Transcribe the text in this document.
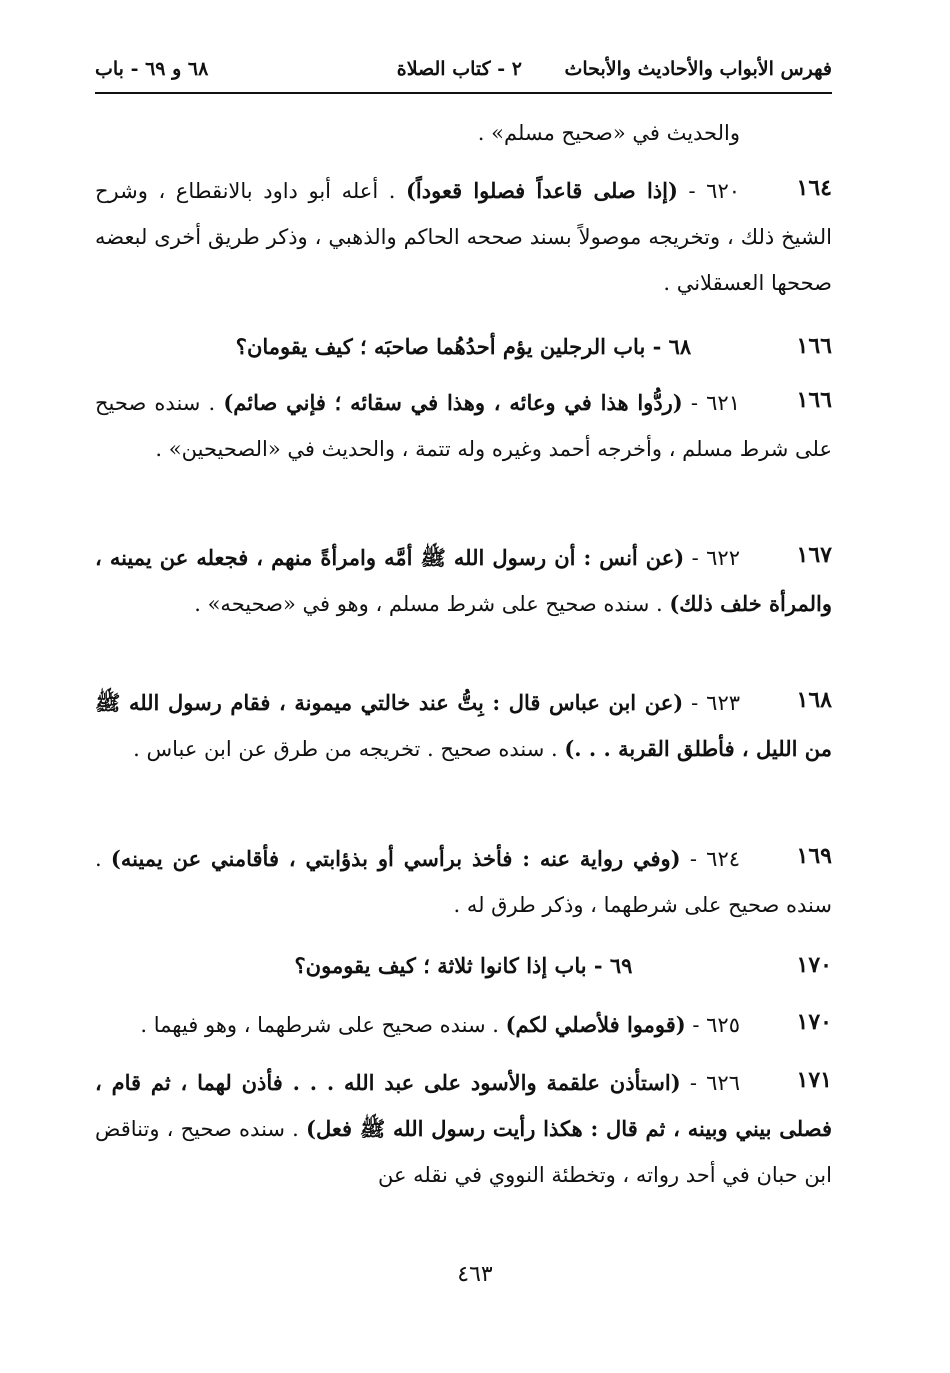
فهرس الأبواب والأحاديث والأبحاث
٢ - كتاب الصلاة
٦٨ و ٦٩ - باب
والحديث في «صحيح مسلم» .
١٦٤
٦٢٠ - (إذا صلى قاعداً فصلوا قعوداً) . أعله أبو داود بالانقطاع ، وشرح الشيخ ذلك ، وتخريجه موصولاً بسند صححه الحاكم والذهبي ، وذكر طريق أخرى لبعضه صححها العسقلاني .
١٦٦
٦٨ - باب الرجلين يؤم أحدُهُما صاحبَه ؛ كيف يقومان؟
١٦٦
٦٢١ - (ردُّوا هذا في وعائه ، وهذا في سقائه ؛ فإني صائم) . سنده صحيح على شرط مسلم ، وأخرجه أحمد وغيره وله تتمة ، والحديث في «الصحيحين» .
١٦٧
٦٢٢ - (عن أنس : أن رسول الله ﷺ أمَّه وامرأةً منهم ، فجعله عن يمينه ، والمرأة خلف ذلك) . سنده صحيح على شرط مسلم ، وهو في «صحيحه» .
١٦٨
٦٢٣ - (عن ابن عباس قال : بِتُّ عند خالتي ميمونة ، فقام رسول الله ﷺ من الليل ، فأطلق القربة . . .) . سنده صحيح . تخريجه من طرق عن ابن عباس .
١٦٩
٦٢٤ - (وفي رواية عنه : فأخذ برأسي أو بذؤابتي ، فأقامني عن يمينه) . سنده صحيح على شرطهما ، وذكر طرق له .
١٧٠
٦٩ - باب إذا كانوا ثلاثة ؛ كيف يقومون؟
١٧٠
٦٢٥ - (قوموا فلأصلي لكم) . سنده صحيح على شرطهما ، وهو فيهما .
١٧١
٦٢٦ - (استأذن علقمة والأسود على عبد الله . . . فأذن لهما ، ثم قام ، فصلى بيني وبينه ، ثم قال : هكذا رأيت رسول الله ﷺ فعل) . سنده صحيح ، وتناقض ابن حبان في أحد رواته ، وتخطئة النووي في نقله عن
٤٦٣
